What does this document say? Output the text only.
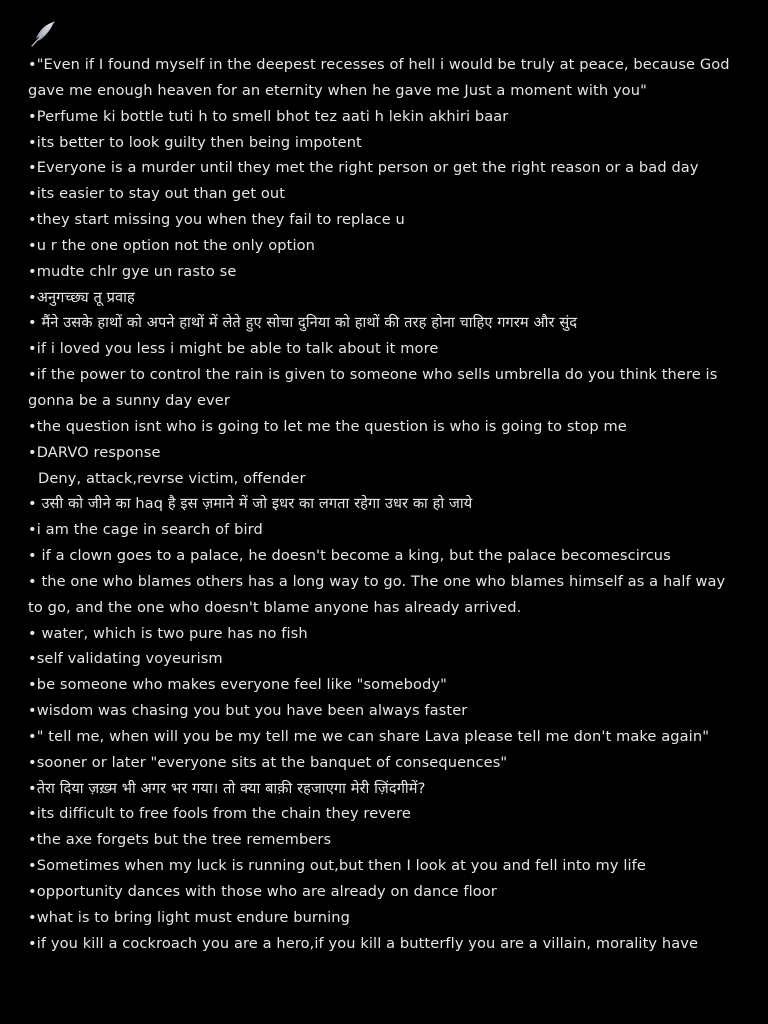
•"Even if I found myself in the deepest recesses of hell i would be truly at peace, because God gave me enough heaven for an eternity when he gave me Just a moment with you"

•Perfume ki bottle tuti h to smell bhot tez aati h lekin akhiri baar

•its better to look guilty then being impotent

•Everyone is a murder until they met the right person or get the right reason or a bad day

•its easier to stay out than get out

•they start missing you when they fail to replace u

•u r the one option not the only option

•mudte chlr gye un rasto se

•अनुगच्छ्य तू प्रवाह

• मैंने उसके हाथों को अपने हाथों में लेते हुए सोचा दुनिया को हाथों की तरह होना चाहिए गगरम और सुंद

•if i loved you less i might be able to talk about it more

•if the power to control the rain is given to someone who sells umbrella do you think there is gonna be a sunny day ever

•the question isnt who is going to let me the question is who is going to stop me

•DARVO response

Deny, attack,revrse victim, offender

• उसी को जीने का haq है इस ज़माने में जो इधर का लगता रहेगा उधर का हो जाये

•i am the cage in search of bird

• if a clown goes to a palace, he doesn't become a king, but the palace becomescircus

• the one who blames others has a long way to go. The one who blames himself as a half way to go, and the one who doesn't blame anyone has already arrived.

• water, which is two pure has no fish

•self validating voyeurism

•be someone who makes everyone feel like "somebody"

•wisdom was chasing you but you have been always faster

•" tell me, when will you be my tell me we can share Lava please tell me don't make again"

•sooner or later "everyone sits at the banquet of consequences"

•तेरा दिया ज़ख़्म भी अगर भर गया। तो क्या बाक़ी रहजाएगा मेरी ज़िंदगीमें?

•its difficult to free fools from the chain they revere

•the axe forgets but the tree remembers

•Sometimes when my luck is running out,but then I look at you and fell into my life

•opportunity dances with those who are already on dance floor

•what is to bring light must endure burning

•if you kill a cockroach you are a hero,if you kill a butterfly you are a villain, morality have
